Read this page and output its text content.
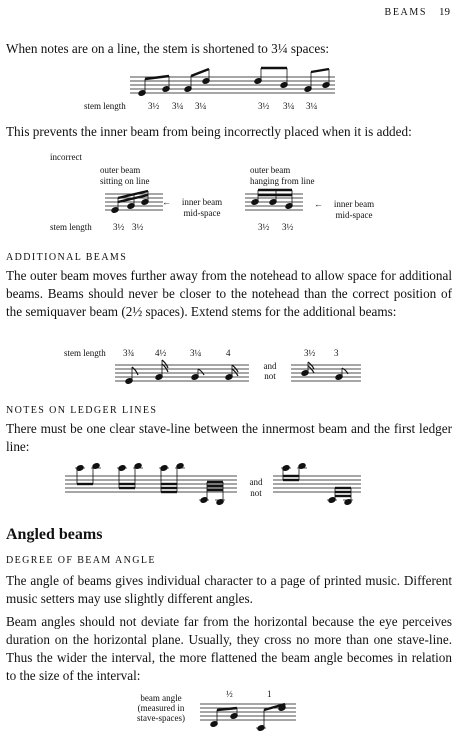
BEAMS 19
When notes are on a line, the stem is shortened to 3¼ spaces:
stem length 3½ 3¼ 3¼	3½ 3¼ 3¼
This prevents the inner beam from being incorrectly placed when it is added:
incorrect
outer beam
sitting on line
outer beam
hanging from line
←	inner beam
mid-space
←	inner beam
mid-space
stem length 3½ 3½	3½ 3½
ADDITIONAL BEAMS
The outer beam moves further away from the notehead to allow space for additional beams. Beams should never be closer to the notehead than the correct position of the semiquaver beam (2½ spaces). Extend stems for the additional beams:
stem length 3¾ 4½	3¼	4	3½ 3
and
not
NOTES ON LEDGER LINES
There must be one clear stave-line between the innermost beam and the first ledger line:
and
not
Angled beams
DEGREE OF BEAM ANGLE
The angle of beams gives individual character to a page of printed music. Different music setters may use slightly different angles.
Beam angles should not deviate far from the horizontal because the eye perceives duration on the horizontal plane. Usually, they cross no more than one stave-line. Thus the wider the interval, the more flattened the beam angle becomes in relation to the size of the interval:
beam angle
(measured in
stave-spaces)
½	1
